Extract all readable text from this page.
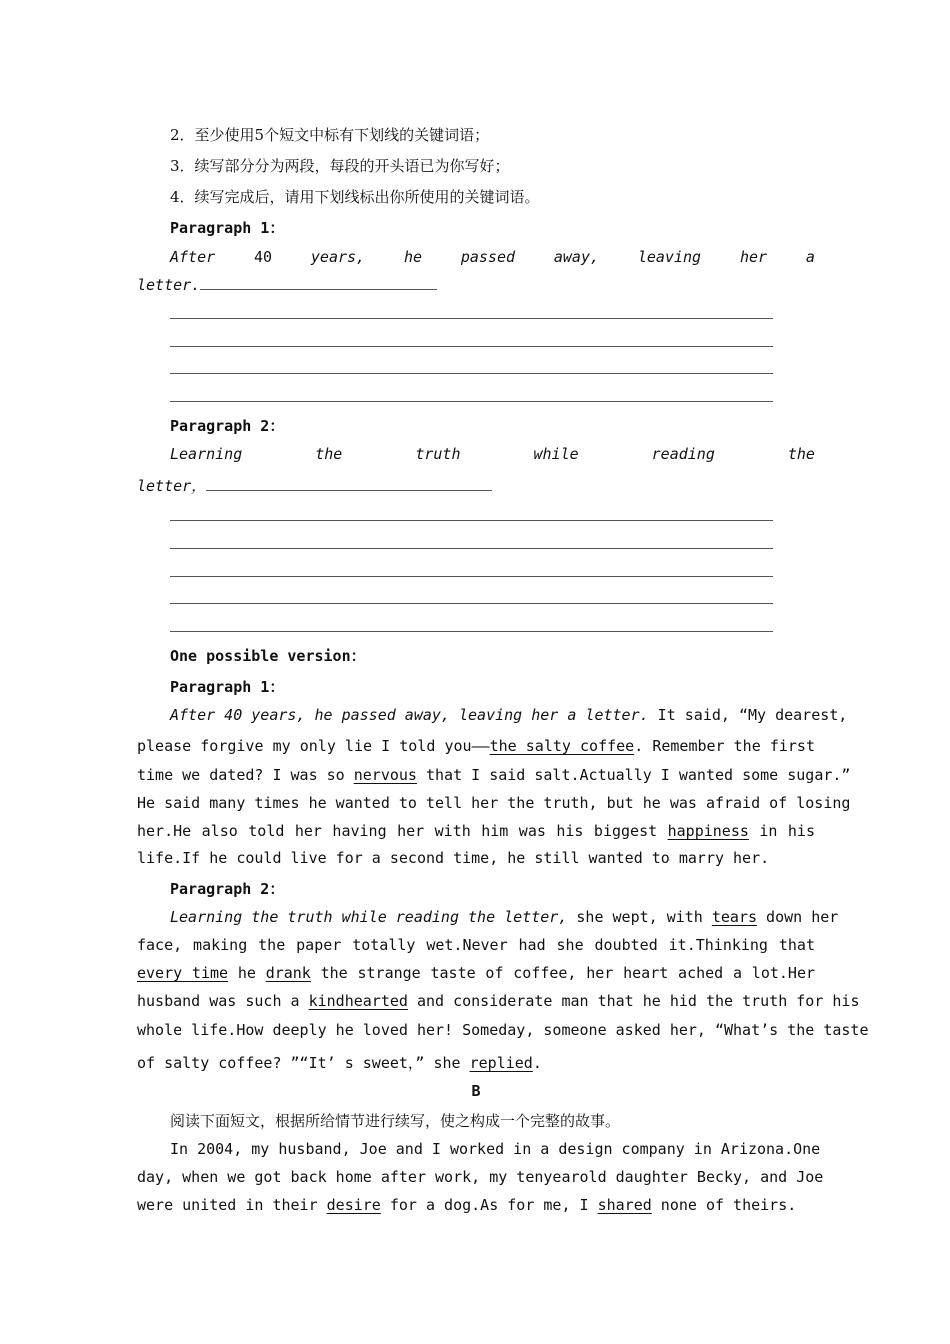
2．至少使用5个短文中标有下划线的关键词语；
3．续写部分分为两段，每段的开头语已为你写好；
4．续写完成后，请用下划线标出你所使用的关键词语。
Paragraph 1：
After	40	years,	he	passed	away,	leaving	her	a
letter.
Paragraph 2：
Learning	the	truth	while	reading	the
letter，
One possible version：
Paragraph 1：
After 40 years, he passed away, leaving her a letter. It said, “My dearest,
please forgive my only lie I told you——the salty coffee. Remember the first
time we dated? I was so nervous that I said salt.Actually I wanted some sugar.”
He said many times he wanted to tell her the truth, but he was afraid of losing
her.He also told her having her with him was his biggest happiness in his
life.If he could live for a second time, he still wanted to marry her.
Paragraph 2：
Learning the truth while reading the letter, she wept, with tears down her
face, making the paper totally wet.Never had she doubted it.Thinking that
every time he drank the strange taste of coffee, her heart ached a lot.Her
husband was such a kindhearted and considerate man that he hid the truth for his
whole life.How deeply he loved her! Someday, someone asked her, “What’s the taste
of salty coffee? ”“It’ s sweet，” she replied.
B
阅读下面短文，根据所给情节进行续写，使之构成一个完整的故事。
In 2004, my husband, Joe and I worked in a design company in Arizona.One
day, when we got back home after work, my tenyearold daughter Becky, and Joe
were united in their desire for a dog.As for me, I shared none of theirs.
